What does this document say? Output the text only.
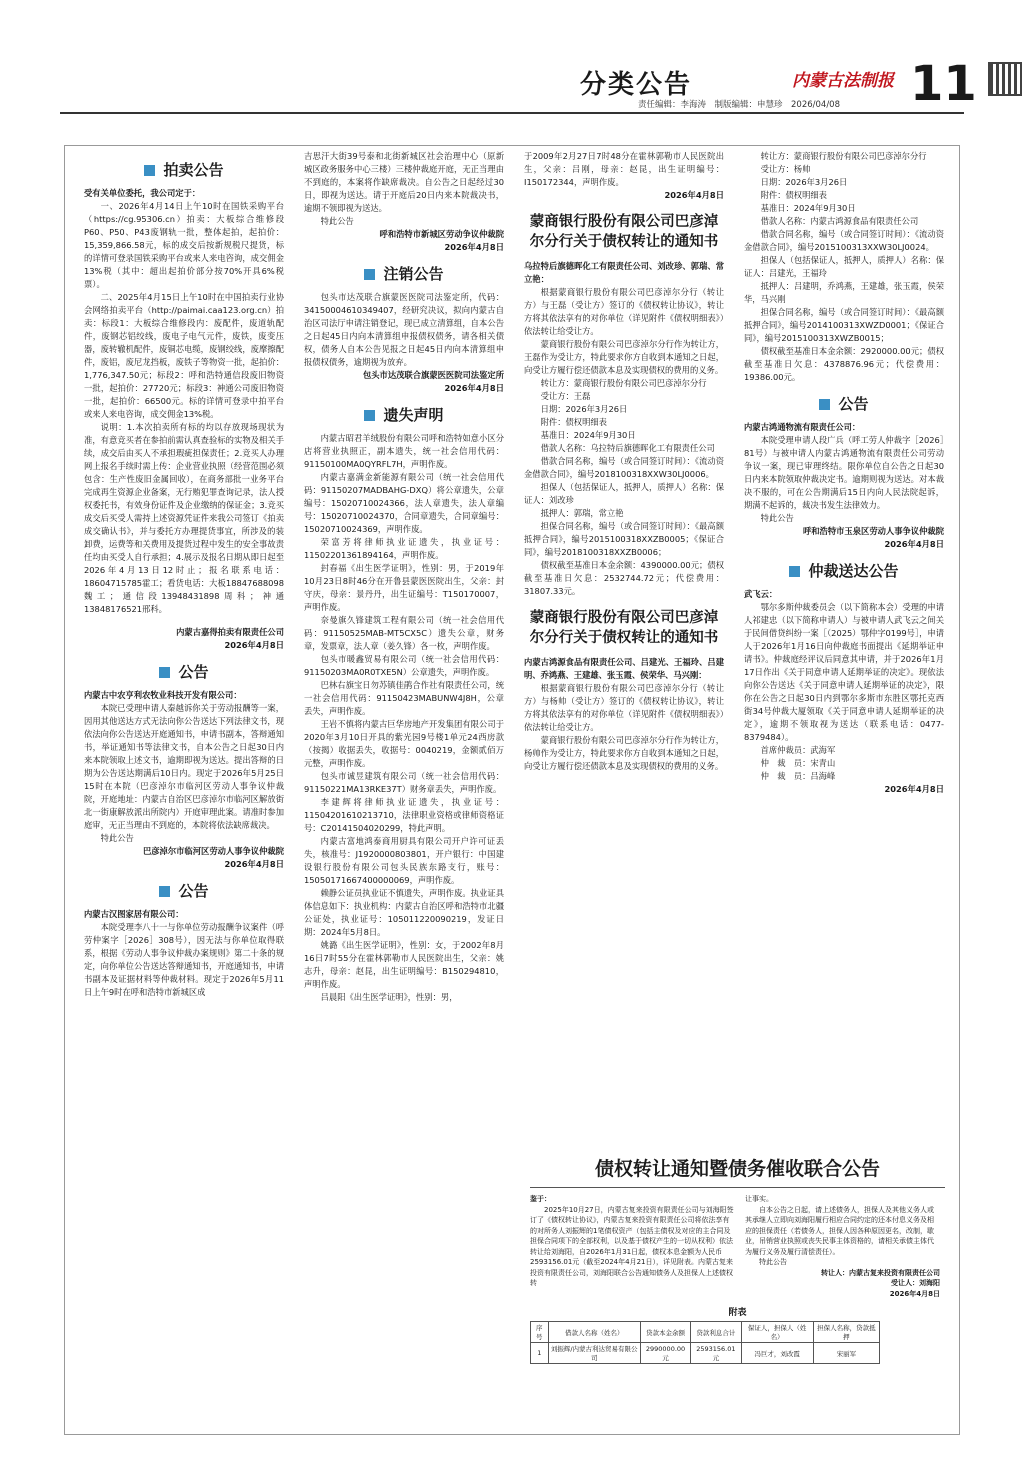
分类公告	内蒙古法制报
责任编辑：李海涛　制版编辑：申慧珍　2026/04/08 11
拍卖公告

受有关单位委托，我公司定于：

一、2026年4月14日上午10时在国铁采购平台（https://cg.95306.cn）拍卖：大板综合维修段P60、P50、P43废钢轨一批，整体起拍，起拍价：15,359,866.58元，标的成交后按新规税尺提货，标的详情可登录国铁采购平台或来人来电咨询，成交佣金13%税（其中：超出起拍价部分按70%开具6%税票）。

二、2025年4月15日上午10时在中国拍卖行业协会网络拍卖平台（http://paimai.caa123.org.cn）拍卖：标段1：大板综合维修段内：废配件，废道轨配件，废钢芯铝绞线，废电子电气元件，废铁，废变压器，废转辙机配件，废铜芯电缆，废钢绞线，废摩擦配件，废铝，废尼龙挡板，废铁子等物资一批，起拍价：1,776,347.50元；标段2：呼和浩特通信段废旧物资一批，起拍价：27720元；标段3：神通公司废旧物资一批，起拍价：66500元。标的详情可登录中拍平台或来人来电咨询，成交佣金13%税。

说明：1.本次拍卖所有标的均以存放现场现状为准，有意竞买者在参拍前需认真查验标的实物及相关手续，成交后由买人不承担瑕疵担保责任；2.竞买人办理网上报名手续时需上传：企业营业执照（经营范围必须包含：生产性废旧金属回收），在商务部批一业务平台完成再生资源企业备案，无行贿犯罪查询记录，法人授权委托书，有效身份证件及企业缴纳的保证金；3.竞买成交后买受人需持上述资源凭证件来我公司签订《拍卖成交确认书》，并与委托方办理提货事宜，所涉及的装卸费，运费等和关费用及提货过程中发生的安全事故责任均由买受人自行承担；4.展示及报名日期从即日起至2026年4月13日12时止；报名联系电话：18604715785霍工；看货电话：大板18847688098魏工；通信段13948431898周科；神通13848176521邢科。

内蒙古嘉得拍卖有限责任公司

2026年4月8日

公告

内蒙古中农亨利农牧业科技开发有限公司：

本院已受理申请人秦越诉你关于劳动报酬等一案，因用其他送达方式无法向你公告送达下列法律文书，现依法向你公告送达开庭通知书，申请书副本，答辩通知书，举证通知书等法律文书，自本公告之日起30日内来本院领取上述文书，逾期即视为送达。提出答辩的日期为公告送达期满后10日内。现定于2026年5月25日15时在本院（巴彦淖尔市临河区劳动人事争议仲裁院，开庭地址：内蒙古自治区巴彦淖尔市临河区解放街北一街康解放派出所院内）开庭审理此案。请准时参加庭审，无正当理由不到庭的，本院将依法缺席裁决。

特此公告

巴彦淖尔市临河区劳动人事争议仲裁院

2026年4月8日

公告

内蒙古汉图家居有限公司：

本院受理李八十一与你单位劳动报酬争议案件（呼劳仲案字［2026］308号），因无法与你单位取得联系，根据《劳动人事争议仲裁办案规则》第二十条的规定，向你单位公告送达答辩通知书，开庭通知书，申请书副本及证据材料等仲裁材料。现定于2026年5月11日上午9时在呼和浩特市新城区成

吉思汗大街39号泰和北街新城区社会治理中心（原新城区政务服务中心三楼）三楼仲裁庭开庭，无正当理由不到庭的，本案将作缺席裁决。自公告之日起经过30日，即视为送达。请于开庭后20日内来本院裁决书，逾期不领即视为送达。

特此公告

呼和浩特市新城区劳动争议仲裁院

2026年4月8日

注销公告

包头市达茂联合旗蒙医医院司法鉴定所，代码：34150004610349407，经研究决议，拟向内蒙古自治区司法厅申请注销登记，现已成立清算组，自本公告之日起45日内向本清算组申报债权债务，请各相关债权，债务人自本公告见报之日起45日内向本清算组申报债权债务，逾期视为放弃。

包头市达茂联合旗蒙医医院司法鉴定所

2026年4月8日

遗失声明

内蒙古昭君羊绒股份有限公司呼和浩特如意小区分店将营业执照正，副本遗失，统一社会信用代码：91150100MA0QYRFL7H，声明作废。

内蒙古嘉满金新能源有限公司（统一社会信用代码：91150207MADBAHG-DXQ）将公章遗失，公章编号：15020710024366，法人章遗失，法人章编号：15020710024370，合同章遗失，合同章编号：15020710024369，声明作废。

荣富芳将律师执业证遗失，执业证号：11502201361894164，声明作废。

封春福《出生医学证明》，性别：男，于2019年10月23日8时46分在开鲁县蒙医医院出生，父亲：封守庆，母亲：景丹丹，出生证编号：T150170007，声明作废。

奈曼旗久锋建筑工程有限公司（统一社会信用代码：91150525MAB-MT5CX5C）遗失公章，财务章，发票章，法人章（姜久锋）各一枚，声明作废。

包头市暖鑫贸易有限公司（统一社会信用代码：91150203MA0R0TXE5N）公章遗失，声明作废。

巴林右旗宝日勿苏镇佳鹃合作社有限责任公司，统一社会信用代码：91150423MABUNW4J8H，公章丢失，声明作废。

王岩不慎将内蒙古巨华房地产开发集团有限公司于2020年3月10日开具的紫光园9号楼1单元24西房款（按揭）收据丢失，收据号：0040219，金额贰佰万元整，声明作废。

包头市诚昱建筑有限公司（统一社会信用代码：91150221MA13RKE37T）财务章丢失，声明作废。

李建辉将律师执业证遗失，执业证号：11504201610213710，法律职业资格或律师资格证号：C20141504020299，特此声明。

内蒙古富地鸿泰商用厨具有限公司开户许可证丢失，核准号：J1920000803801，开户银行：中国建设银行股份有限公司包头民族东路支行，账号：15050171667400000069，声明作废。

赖静公证员执业证不慎遗失，声明作废。执业证具体信息如下：执业机构：内蒙古自治区呼和浩特市北疆公证处，执业证号：105011220090219，发证日期：2024年5月8日。

姚潞《出生医学证明》，性别：女，于2002年8月16日7时55分在霍林郭勒市人民医院出生，父亲：姚志升，母亲：赵昆，出生证明编号：B150294810，声明作废。

吕晨阳《出生医学证明》，性别：男，

于2009年2月27日7时48分在霍林郭勒市人民医院出生，父亲：吕刚，母亲：赵昆，出生证明编号：I150172344，声明作废。

2026年4月8日

蒙商银行股份有限公司巴彦淖尔分行关于债权转让的通知书

乌拉特后旗德晖化工有限责任公司、刘改珍、郭瑞、常立艳：

根据蒙商银行股份有限公司巴彦淖尔分行（转让方）与王磊（受让方）签订的《债权转让协议》，转让方将其依法享有的对你单位（详见附件《债权明细表》）依法转让给受让方。

蒙商银行股份有限公司巴彦淖尔分行作为转让方，王磊作为受让方，特此要求你方自收到本通知之日起，向受让方履行偿还债款本息及实现债权的费用的义务。

转让方：蒙商银行股份有限公司巴彦淖尔分行

受让方：王磊

日期：2026年3月26日

附件：债权明细表

基准日：2024年9月30日

借款人名称：乌拉特后旗德晖化工有限责任公司

借款合同名称，编号（或合同签订时间）：《流动资金借款合同》，编号2018100318XXW30LJ0006。

担保人（包括保证人，抵押人，质押人）名称：保证人：刘改珍

抵押人：郭瑞，常立艳

担保合同名称，编号（或合同签订时间）：《最高额抵押合同》，编号2015100318XXZB0005；《保证合同》，编号2018100318XXZB0006；

债权截至基准日本金余额：4390000.00元；债权截至基准日欠息：2532744.72元；代偿费用：31807.33元。

蒙商银行股份有限公司巴彦淖尔分行关于债权转让的通知书

内蒙古鸿源食品有限责任公司、吕建光、王福玲、吕建明、乔鸿燕、王建雄、张玉霞、侯荣华、马兴刚：

根据蒙商银行股份有限公司巴彦淖尔分行（转让方）与杨帅（受让方）签订的《债权转让协议》，转让方将其依法享有的对你单位（详见附件《债权明细表》）依法转让给受让方。

蒙商银行股份有限公司巴彦淖尔分行作为转让方，杨帅作为受让方，特此要求你方自收到本通知之日起，向受让方履行偿还债款本息及实现债权的费用的义务。

转让方：蒙商银行股份有限公司巴彦淖尔分行

受让方：杨帅

日期：2026年3月26日

附件：债权明细表

基准日：2024年9月30日

借款人名称：内蒙古鸿源食品有限责任公司

借款合同名称，编号（或合同签订时间）：《流动资金借款合同》，编号2015100313XXW30LJ0024。

担保人（包括保证人，抵押人，质押人）名称：保证人：吕建光，王福玲

抵押人：吕建明，乔鸿燕，王建雄，张玉霞，侯荣华，马兴刚

担保合同名称，编号（或合同签订时间）：《最高额抵押合同》，编号2014100313XWZD0001；《保证合同》，编号2015100313XWZB0015；

债权截至基准日本金余额：2920000.00元；债权截至基准日欠息：4378876.96元；代偿费用：19386.00元。

公告

内蒙古鸿通物流有限责任公司：

本院受理申请人段广兵（呼工劳人仲裁字［2026］81号）与被申请人内蒙古鸿通物流有限责任公司劳动争议一案，现已审理终结。限你单位自公告之日起30日内来本院领取仲裁决定书。逾期则视为送达。对本裁决不服的，可在公告期满后15日内向人民法院起诉，期满不起诉的，裁决书发生法律效力。

特此公告

呼和浩特市玉泉区劳动人事争议仲裁院

2026年4月8日

仲裁送达公告

武飞云：

鄂尔多斯仲裁委员会（以下简称本会）受理的申请人祁建忠（以下简称申请人）与被申请人武飞云之间关于民间借贷纠纷一案［（2025）鄂仲字0199号］，申请人于2026年1月16日向仲裁庭书面提出《延期举证申请书》。仲裁庭经评议后同意其申请，并于2026年1月17日作出《关于同意申请人延期举证的决定》。现依法向你公告送达《关于同意申请人延期举证的决定》，限你在公告之日起30日内到鄂尔多斯市东胜区鄂托克西街34号仲裁大厦领取《关于同意申请人延期举证的决定》，逾期不领取视为送达（联系电话：0477-8379484）。

首席仲裁员：武海军

仲　裁　员：宋青山

仲　裁　员：吕海峰

2026年4月8日

债权转让通知暨债务催收联合公告

鉴于：

2025年10月27日，内蒙古复来投资有限责任公司与刘海阳签订了《债权转让协议》，内蒙古复来投资有限责任公司将依法享有的对所务人刘振辉的1笔债权资产（包括主债权及对应的主合同及担保合同项下的全部权利，以及基于债权产生的一切从权利）依法转让给刘海阳，自2026年1月31日起，债权本息金额为人民币2593156.01元（截至2024年4月21日），详见附表。内蒙古复来投资有限责任公司，刘海阳联合公告通知债务人及担保人上述债权转

让事实。

自本公告之日起，请上述债务人，担保人及其他义务人或其承继人立即向刘海阳履行相应合同约定的还本付息义务及相应的担保责任（若债务人，担保人因各种原因更名，改制，歇业，吊销营业执照或丧失民事主体资格的，请相关承债主体代为履行义务及履行清偿责任）。

特此公告

转让人：内蒙古复来投资有限责任公司

受让人：刘海阳

2026年4月8日

附表
序号	借款人名称（姓名）	贷款本金余额	贷款利息合计	保证人，担保人（姓名）	担保人名称，贷款抵押
1	刘振辉/内蒙古利达贸易有限公司	2990000.00元	2593156.01元	冯巨才，刘改霞	宋丽军
